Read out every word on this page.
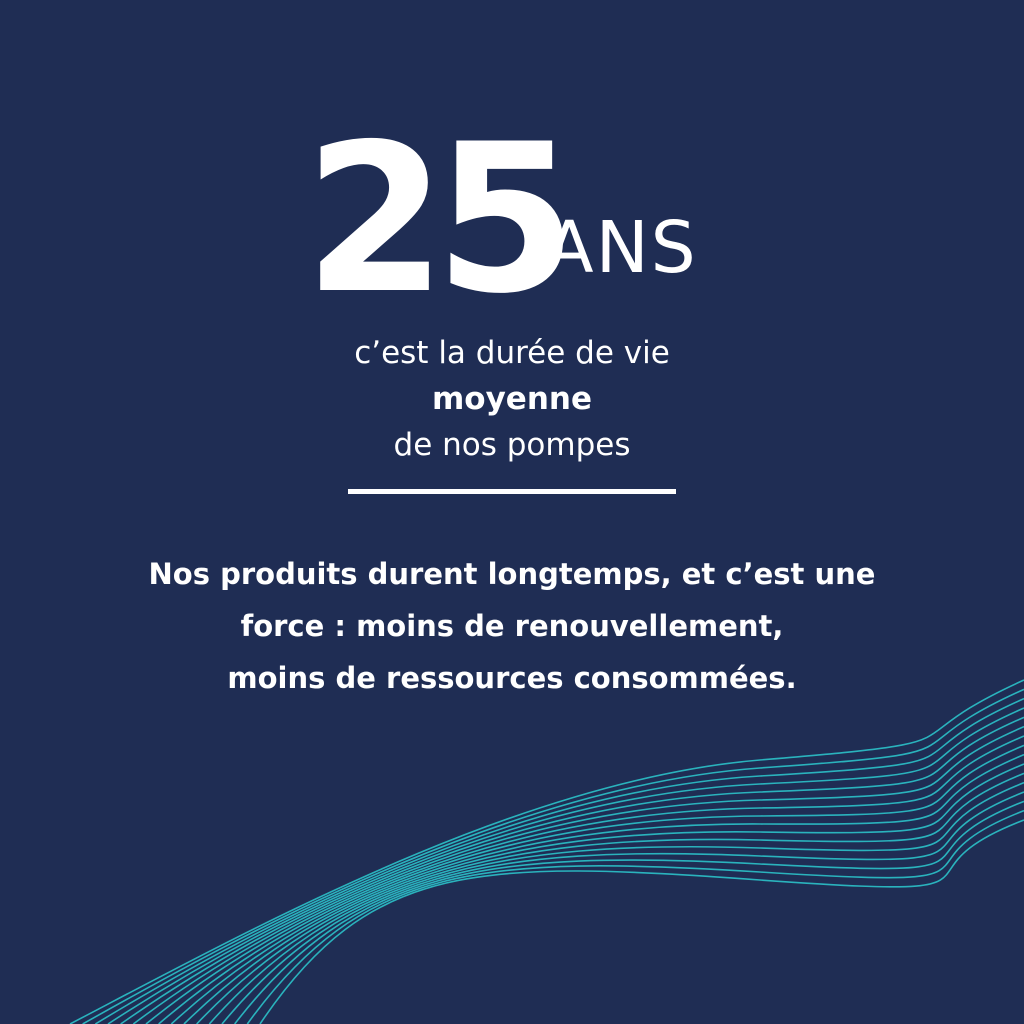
25
ANS
c’est la durée de vie
moyenne
de nos pompes
Nos produits durent longtemps, et c’est une
force : moins de renouvellement,
moins de ressources consommées.
